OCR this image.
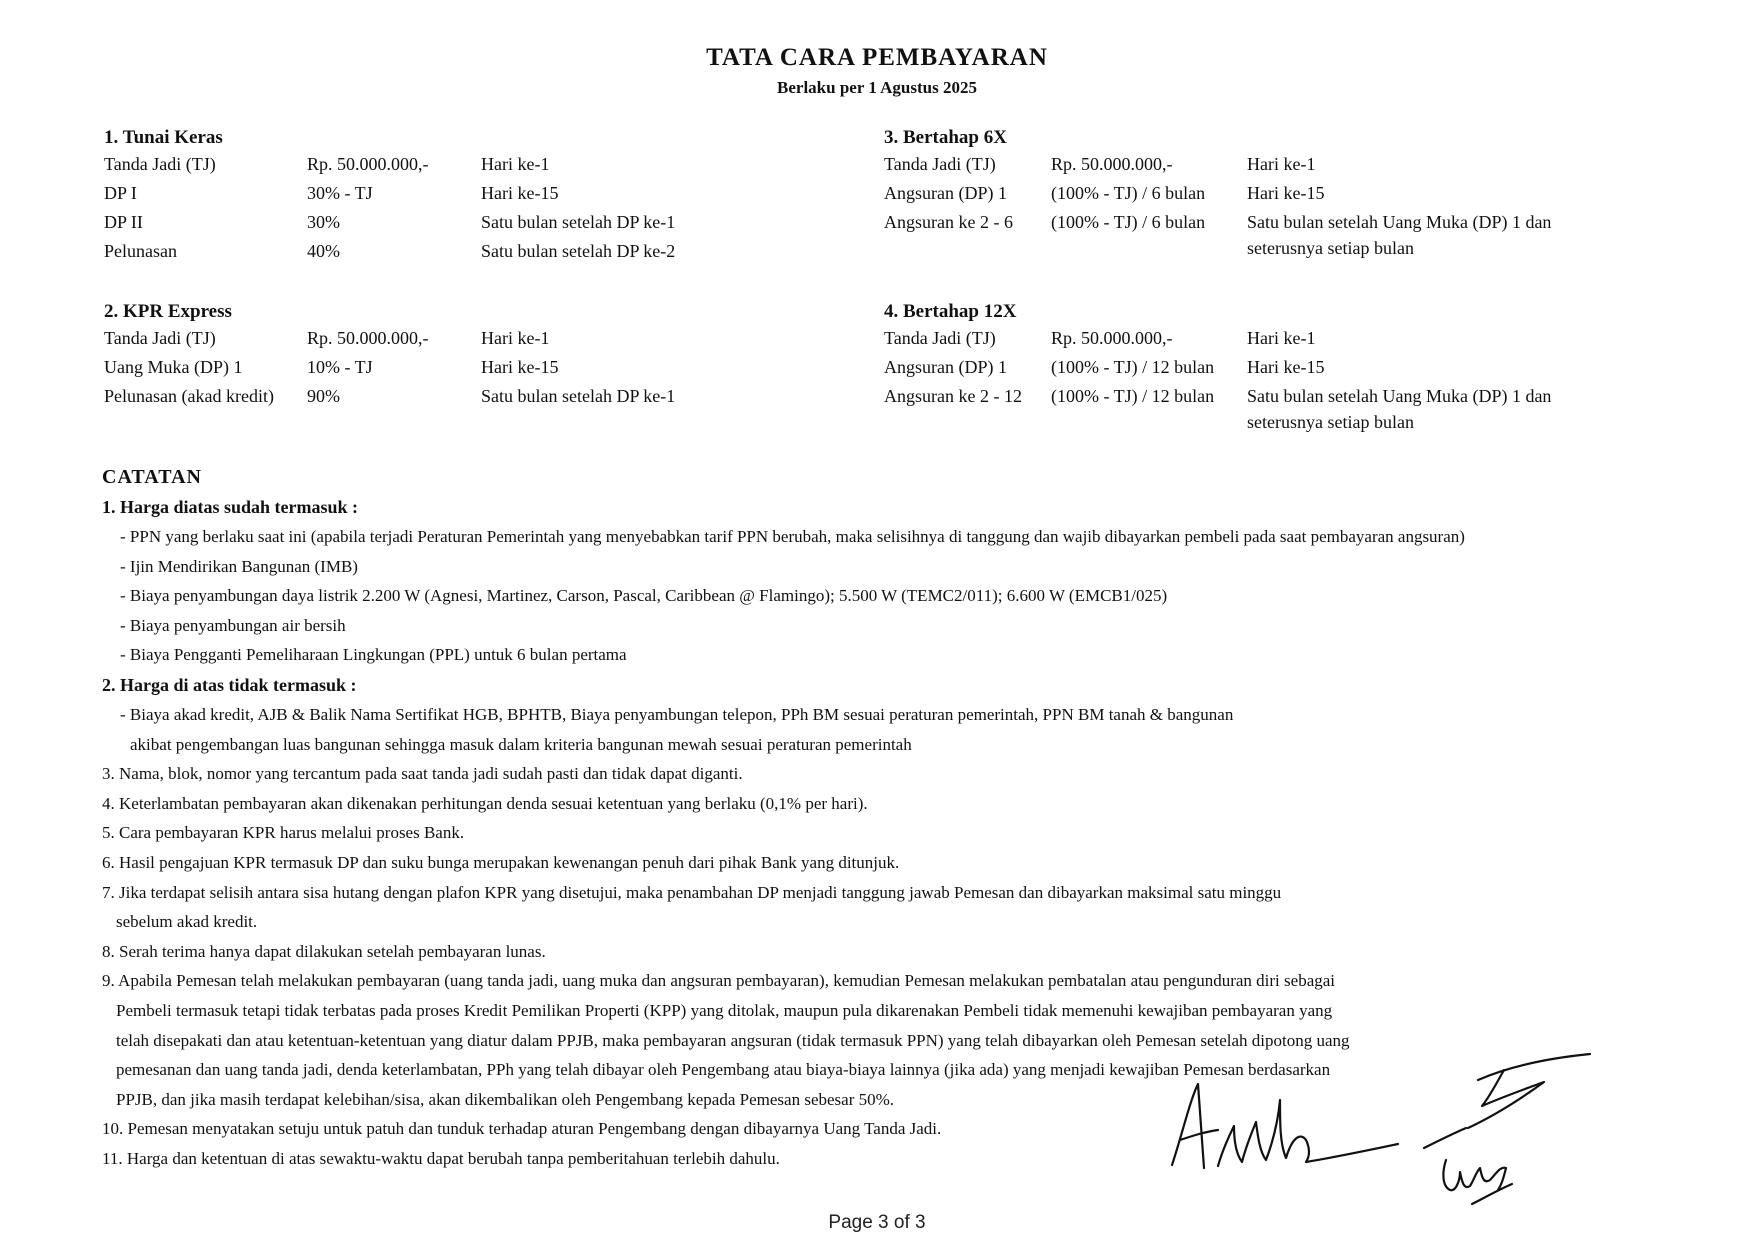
TATA CARA PEMBAYARAN
Berlaku per 1 Agustus 2025
1. Tunai Keras
Tanda Jadi (TJ)	Rp. 50.000.000,-	Hari ke-1
DP I	30% - TJ	Hari ke-15
DP II	30%	Satu bulan setelah DP ke-1
Pelunasan	40%	Satu bulan setelah DP ke-2
2. KPR Express
Tanda Jadi (TJ)	Rp. 50.000.000,-	Hari ke-1
Uang Muka (DP) 1	10% - TJ	Hari ke-15
Pelunasan (akad kredit)	90%	Satu bulan setelah DP ke-1
3. Bertahap 6X
Tanda Jadi (TJ)	Rp. 50.000.000,-	Hari ke-1
Angsuran (DP) 1	(100% - TJ) / 6 bulan	Hari ke-15
Angsuran ke 2 - 6	(100% - TJ) / 6 bulan	Satu bulan setelah Uang Muka (DP) 1 dan seterusnya setiap bulan
4. Bertahap 12X
Tanda Jadi (TJ)	Rp. 50.000.000,-	Hari ke-1
Angsuran (DP) 1	(100% - TJ) / 12 bulan	Hari ke-15
Angsuran ke 2 - 12	(100% - TJ) / 12 bulan	Satu bulan setelah Uang Muka (DP) 1 dan seterusnya setiap bulan
CATATAN
1. Harga diatas sudah termasuk :
- PPN yang berlaku saat ini (apabila terjadi Peraturan Pemerintah yang menyebabkan tarif PPN berubah, maka selisihnya di tanggung dan wajib dibayarkan pembeli pada saat pembayaran angsuran)
- Ijin Mendirikan Bangunan (IMB)
- Biaya penyambungan daya listrik 2.200 W (Agnesi, Martinez, Carson, Pascal, Caribbean @ Flamingo); 5.500 W (TEMC2/011); 6.600 W (EMCB1/025)
- Biaya penyambungan air bersih
- Biaya Pengganti Pemeliharaan Lingkungan (PPL) untuk 6 bulan pertama
2. Harga di atas tidak termasuk :
- Biaya akad kredit, AJB & Balik Nama Sertifikat HGB, BPHTB, Biaya penyambungan telepon, PPh BM sesuai peraturan pemerintah, PPN BM tanah & bangunan
akibat pengembangan luas bangunan sehingga masuk dalam kriteria bangunan mewah sesuai peraturan pemerintah
3. Nama, blok, nomor yang tercantum pada saat tanda jadi sudah pasti dan tidak dapat diganti.
4. Keterlambatan pembayaran akan dikenakan perhitungan denda sesuai ketentuan yang berlaku (0,1% per hari).
5. Cara pembayaran KPR harus melalui proses Bank.
6. Hasil pengajuan KPR termasuk DP dan suku bunga merupakan kewenangan penuh dari pihak Bank yang ditunjuk.
7. Jika terdapat selisih antara sisa hutang dengan plafon KPR yang disetujui, maka penambahan DP menjadi tanggung jawab Pemesan dan dibayarkan maksimal satu minggu
sebelum akad kredit.
8. Serah terima hanya dapat dilakukan setelah pembayaran lunas.
9. Apabila Pemesan telah melakukan pembayaran (uang tanda jadi, uang muka dan angsuran pembayaran), kemudian Pemesan melakukan pembatalan atau pengunduran diri sebagai
Pembeli termasuk tetapi tidak terbatas pada proses Kredit Pemilikan Properti (KPP) yang ditolak, maupun pula dikarenakan Pembeli tidak memenuhi kewajiban pembayaran yang
telah disepakati dan atau ketentuan-ketentuan yang diatur dalam PPJB, maka pembayaran angsuran (tidak termasuk PPN) yang telah dibayarkan oleh Pemesan setelah dipotong uang
pemesanan dan uang tanda jadi, denda keterlambatan, PPh yang telah dibayar oleh Pengembang atau biaya-biaya lainnya (jika ada) yang menjadi kewajiban Pemesan berdasarkan
PPJB, dan jika masih terdapat kelebihan/sisa, akan dikembalikan oleh Pengembang kepada Pemesan sebesar 50%.
10. Pemesan menyatakan setuju untuk patuh dan tunduk terhadap aturan Pengembang dengan dibayarnya Uang Tanda Jadi.
11. Harga dan ketentuan di atas sewaktu-waktu dapat berubah tanpa pemberitahuan terlebih dahulu.
Page 3 of 3
